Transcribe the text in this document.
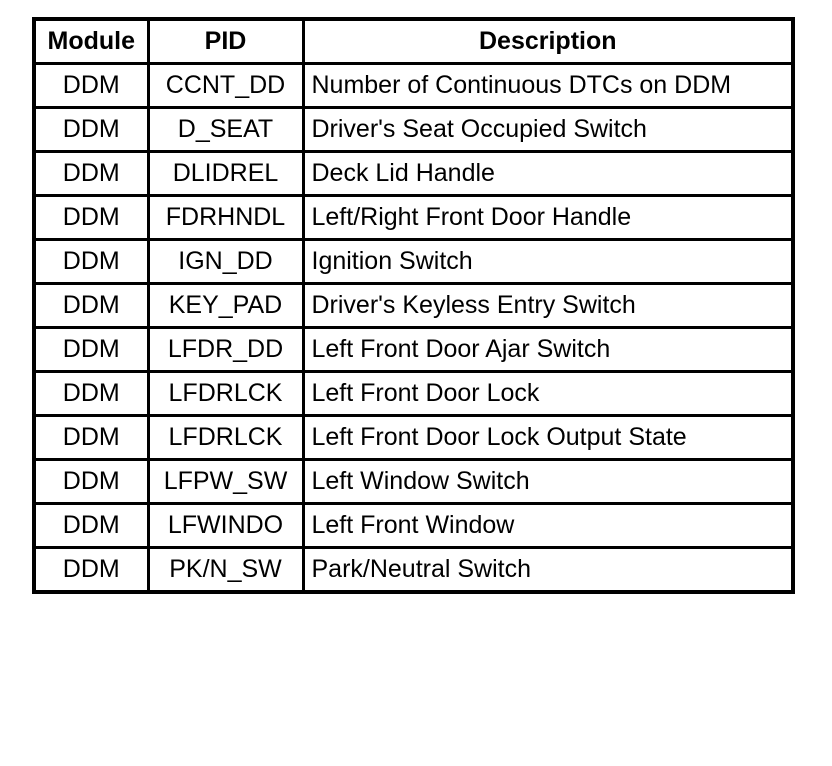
Module	PID	Description
DDM	CCNT_DD	Number of Continuous DTCs on DDM
DDM	D_SEAT	Driver's Seat Occupied Switch
DDM	DLIDREL	Deck Lid Handle
DDM	FDRHNDL	Left/Right Front Door Handle
DDM	IGN_DD	Ignition Switch
DDM	KEY_PAD	Driver's Keyless Entry Switch
DDM	LFDR_DD	Left Front Door Ajar Switch
DDM	LFDRLCK	Left Front Door Lock
DDM	LFDRLCK	Left Front Door Lock Output State
DDM	LFPW_SW	Left Window Switch
DDM	LFWINDO	Left Front Window
DDM	PK/N_SW	Park/Neutral Switch
